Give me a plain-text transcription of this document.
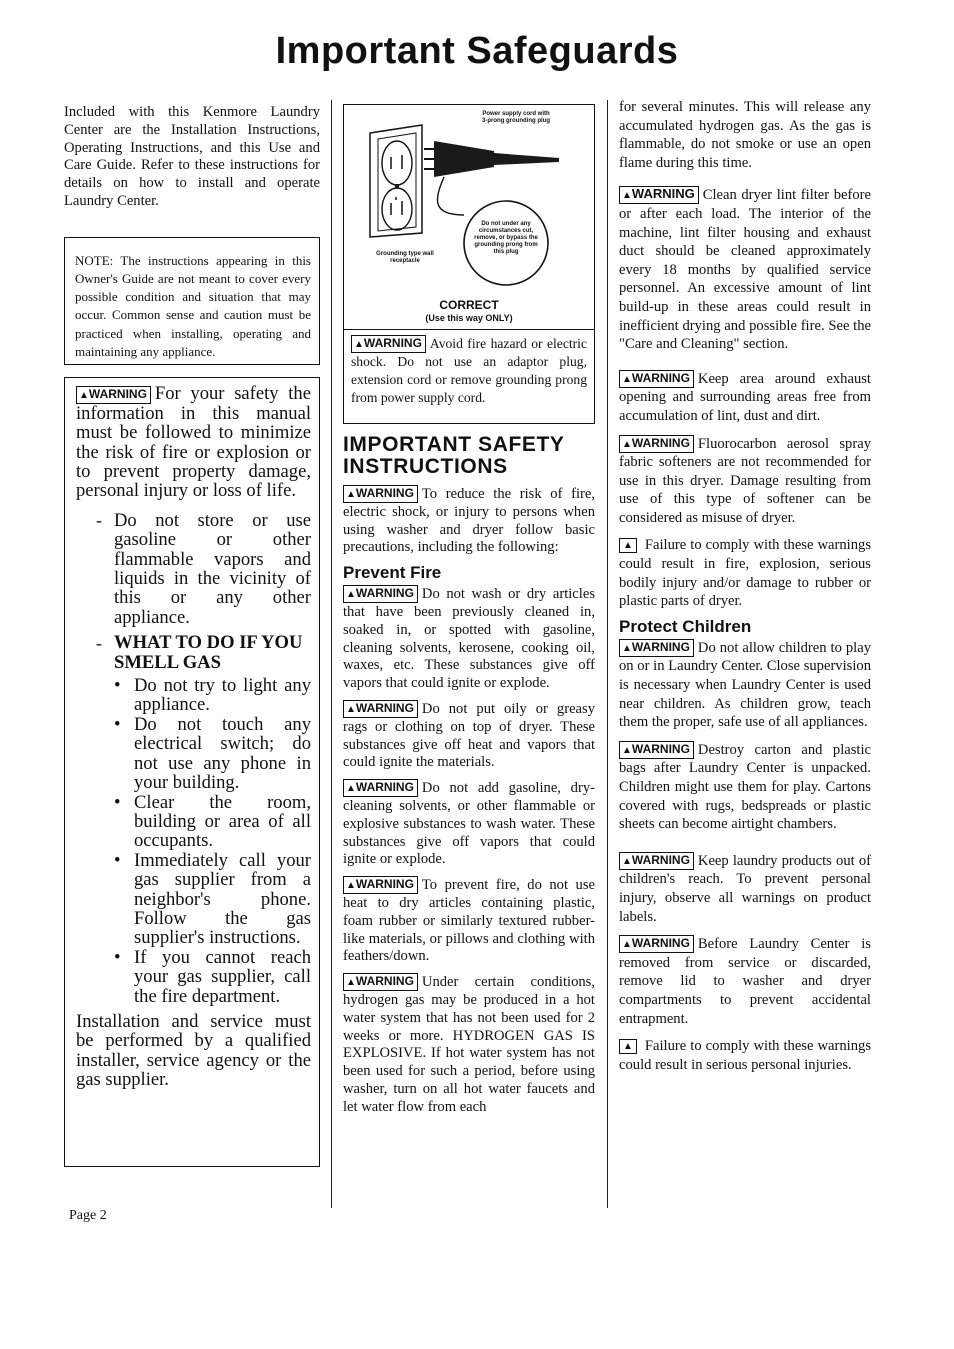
Important Safeguards

Included with this Kenmore Laundry Center are the Installation Instructions, Operating Instructions, and this Use and Care Guide. Refer to these instructions for details on how to install and operate Laundry Center.

NOTE: The instructions appearing in this Owner's Guide are not meant to cover every possible condition and situation that may occur. Common sense and caution must be practiced when installing, operating and maintaining any appliance.

▲WARNING For your safety the information in this manual must be followed to minimize the risk of fire or explosion or to prevent property damage, personal injury or loss of life.

- Do not store or use gasoline or other flammable vapors and liquids in the vicinity of this or any other appliance.
- WHAT TO DO IF YOU SMELL GAS
• Do not try to light any appliance.
• Do not touch any electrical switch; do not use any phone in your building.
• Clear the room, building or area of all occupants.
• Immediately call your gas supplier from a neighbor's phone. Follow the gas supplier's instructions.
• If you cannot reach your gas supplier, call the fire department.

Installation and service must be performed by a qualified installer, service agency or the gas supplier.

Page 2
Power supply cord with 3-prong grounding plug
Do not under any circumstances cut, remove, or bypass the grounding prong from this plug
Grounding type wall receptacle
CORRECT
(Use this way ONLY)

▲WARNING Avoid fire hazard or electric shock. Do not use an adaptor plug, extension cord or remove grounding prong from power supply cord.

IMPORTANT SAFETY INSTRUCTIONS

▲WARNING To reduce the risk of fire, electric shock, or injury to persons when using washer and dryer follow basic precautions, including the following:

Prevent Fire

▲WARNING Do not wash or dry articles that have been previously cleaned in, soaked in, or spotted with gasoline, cleaning solvents, kerosene, cooking oil, waxes, etc. These substances give off vapors that could ignite or explode.

▲WARNING Do not put oily or greasy rags or clothing on top of dryer. These substances give off heat and vapors that could ignite the materials.

▲WARNING Do not add gasoline, dry-cleaning solvents, or other flammable or explosive substances to wash water. These substances give off vapors that could ignite or explode.

▲WARNING To prevent fire, do not use heat to dry articles containing plastic, foam rubber or similarly textured rubber-like materials, or pillows and clothing with feathers/down.

▲WARNING Under certain conditions, hydrogen gas may be produced in a hot water system that has not been used for 2 weeks or more. HYDROGEN GAS IS EXPLOSIVE. If hot water system has not been used for such a period, before using washer, turn on all hot water faucets and let water flow from each

for several minutes. This will release any accumulated hydrogen gas. As the gas is flammable, do not smoke or use an open flame during this time.

▲WARNING Clean dryer lint filter before or after each load. The interior of the machine, lint filter housing and exhaust duct should be cleaned approximately every 18 months by qualified service personnel. An excessive amount of lint build-up in these areas could result in inefficient drying and possible fire. See the "Care and Cleaning" section.

▲WARNING Keep area around exhaust opening and surrounding areas free from accumulation of lint, dust and dirt.

▲WARNING Fluorocarbon aerosol spray fabric softeners are not recommended for use in this dryer. Damage resulting from use of this type of softener can be considered as misuse of dryer.

▲ Failure to comply with these warnings could result in fire, explosion, serious bodily injury and/or damage to rubber or plastic parts of dryer.

Protect Children

▲WARNING Do not allow children to play on or in Laundry Center. Close supervision is necessary when Laundry Center is used near children. As children grow, teach them the proper, safe use of all appliances.

▲WARNING Destroy carton and plastic bags after Laundry Center is unpacked. Children might use them for play. Cartons covered with rugs, bedspreads or plastic sheets can become airtight chambers.

▲WARNING Keep laundry products out of children's reach. To prevent personal injury, observe all warnings on product labels.

▲WARNING Before Laundry Center is removed from service or discarded, remove lid to washer and dryer compartments to prevent accidental entrapment.

▲ Failure to comply with these warnings could result in serious personal injuries.
